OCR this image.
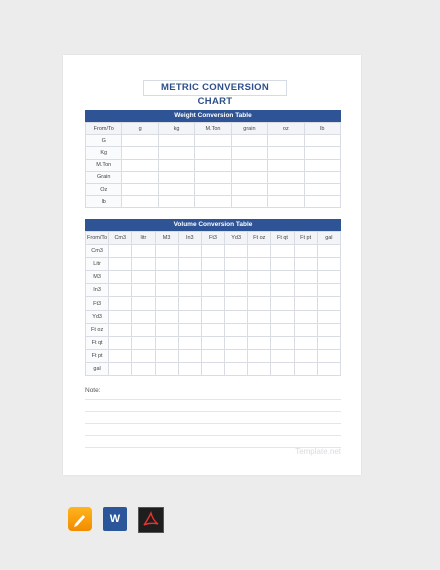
METRIC CONVERSION CHART
Weight Conversion Table
From/To	g	kg	M.Ton	grain	oz	lb
G						
Kg						
M.Ton						
Grain						
Oz						
lb						
Volume Conversion Table
From/To	Cm3	litr	M3	In3	Ft3	Yd3	Ft oz	Ft qt	Ft pt	gal
Cm3										
Litr										
M3										
In3										
Ft3										
Yd3										
Ft oz										
Ft qt										
Ft pt										
gal										
Note:
Template.net
W
